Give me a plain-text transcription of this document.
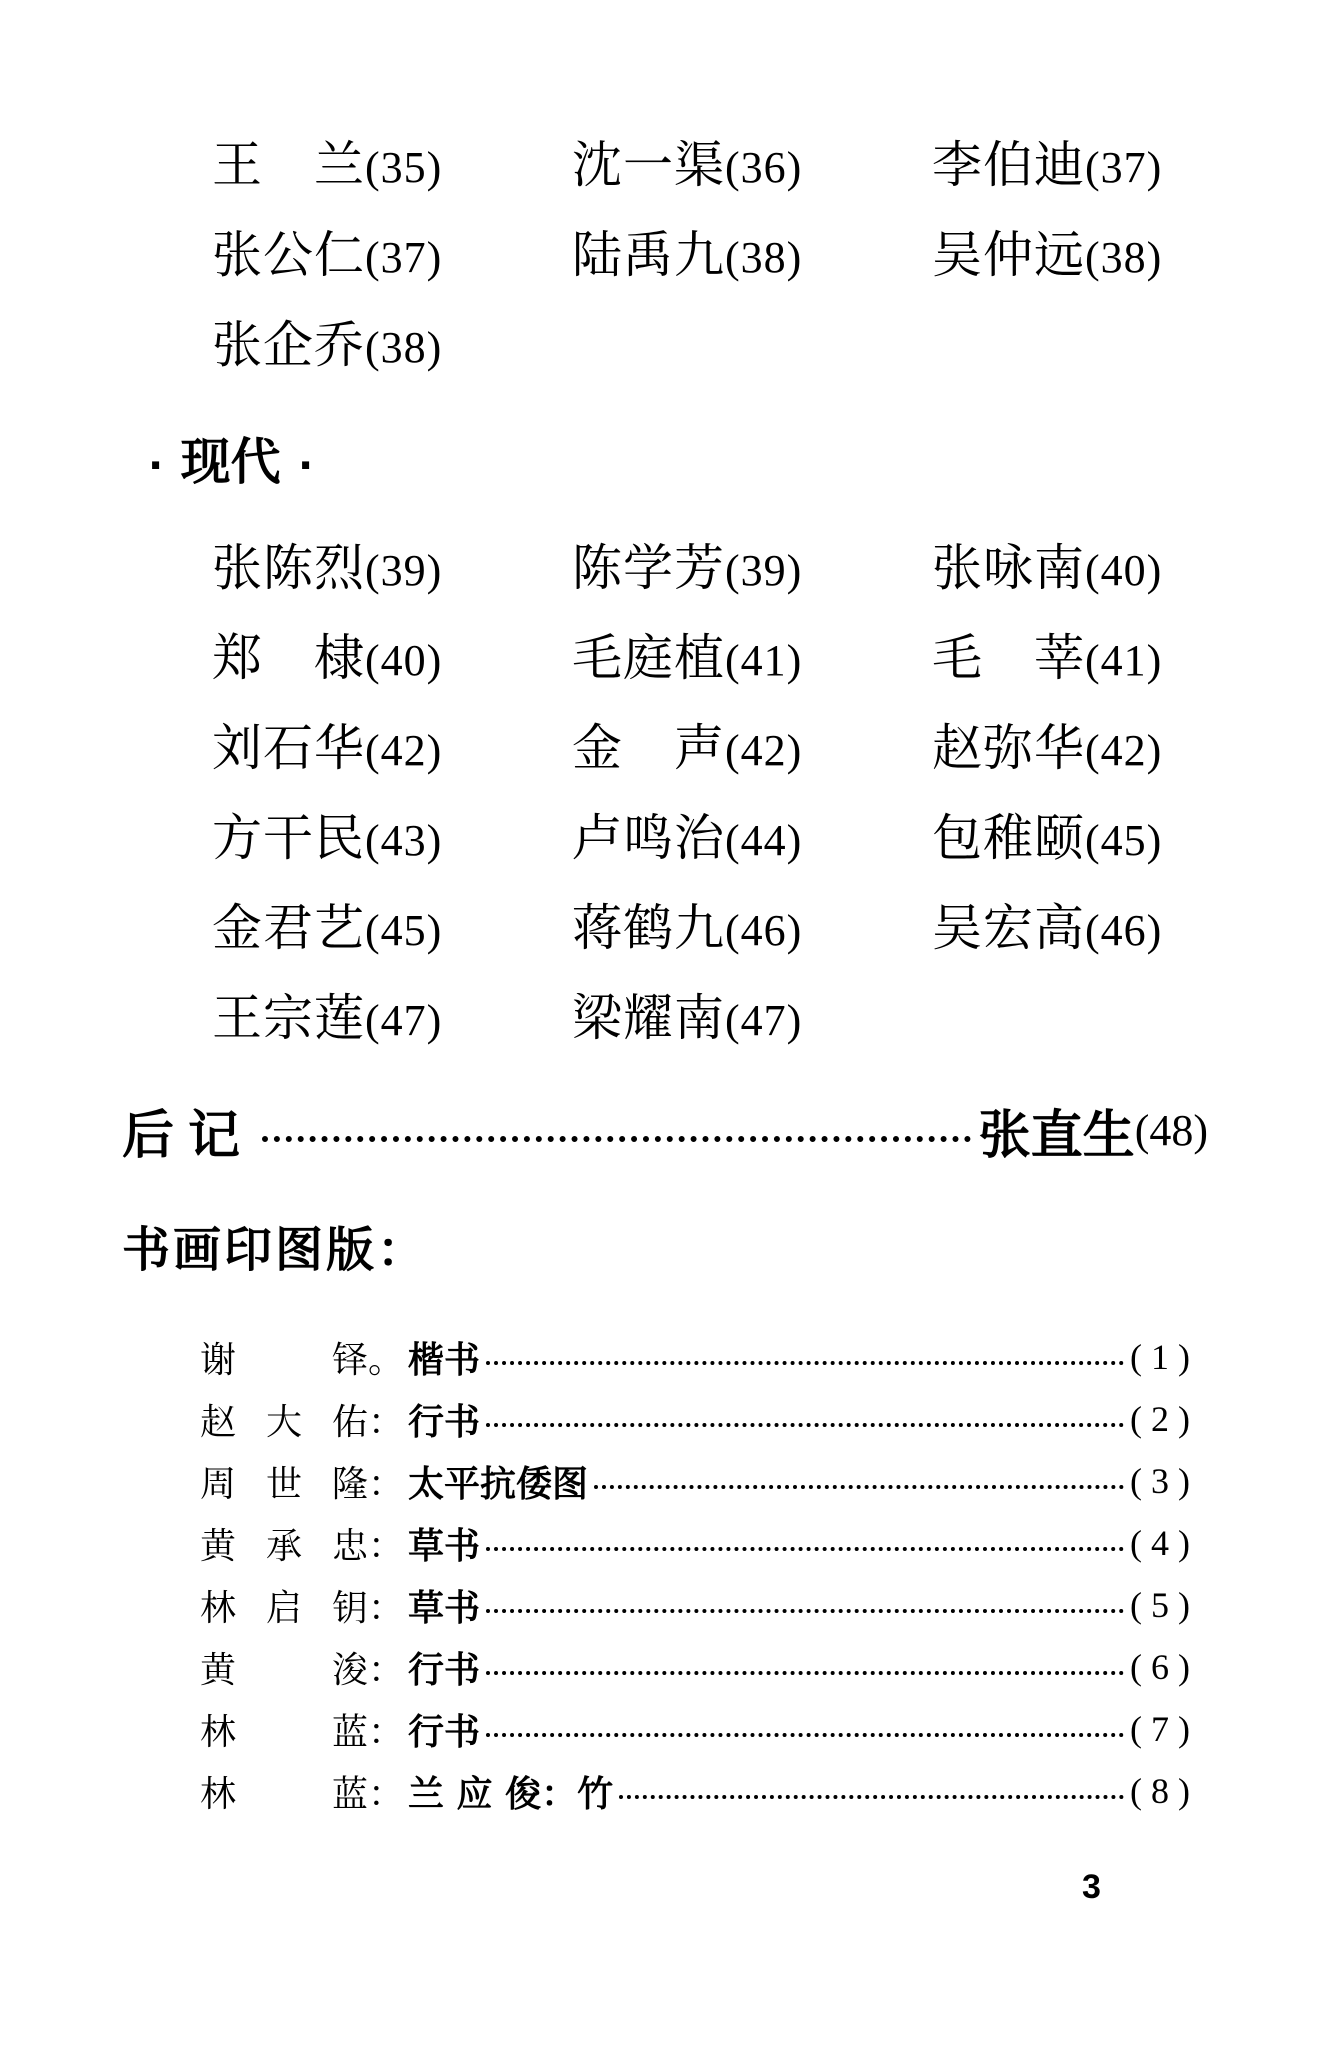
王　兰(35)	沈一渠(36)	李伯迪(37)
张公仁(37)	陆禹九(38)	吴仲远(38)
张企乔(38)
· 现代 ·
张陈烈(39)	陈学芳(39)	张咏南(40)
郑　棣(40)	毛庭植(41)	毛　莘(41)
刘石华(42)	金　声(42)	赵弥华(42)
方干民(43)	卢鸣治(44)	包稚颐(45)
金君艺(45)	蒋鹤九(46)	吴宏高(46)
王宗莲(47)	梁耀南(47)
后记	张直生 (48)
书画印图版：
谢　铎 。 楷书	( 1 )
赵大佑 ： 行书	( 2 )
周世隆 ： 太平抗倭图	( 3 )
黄承忠 ： 草书	( 4 )
林启钥 ： 草书	( 5 )
黄　浚 ： 行书	( 6 )
林　蓝 ： 行书	( 7 )
林　蓝 ： 兰 应 俊：竹	( 8 )
3
